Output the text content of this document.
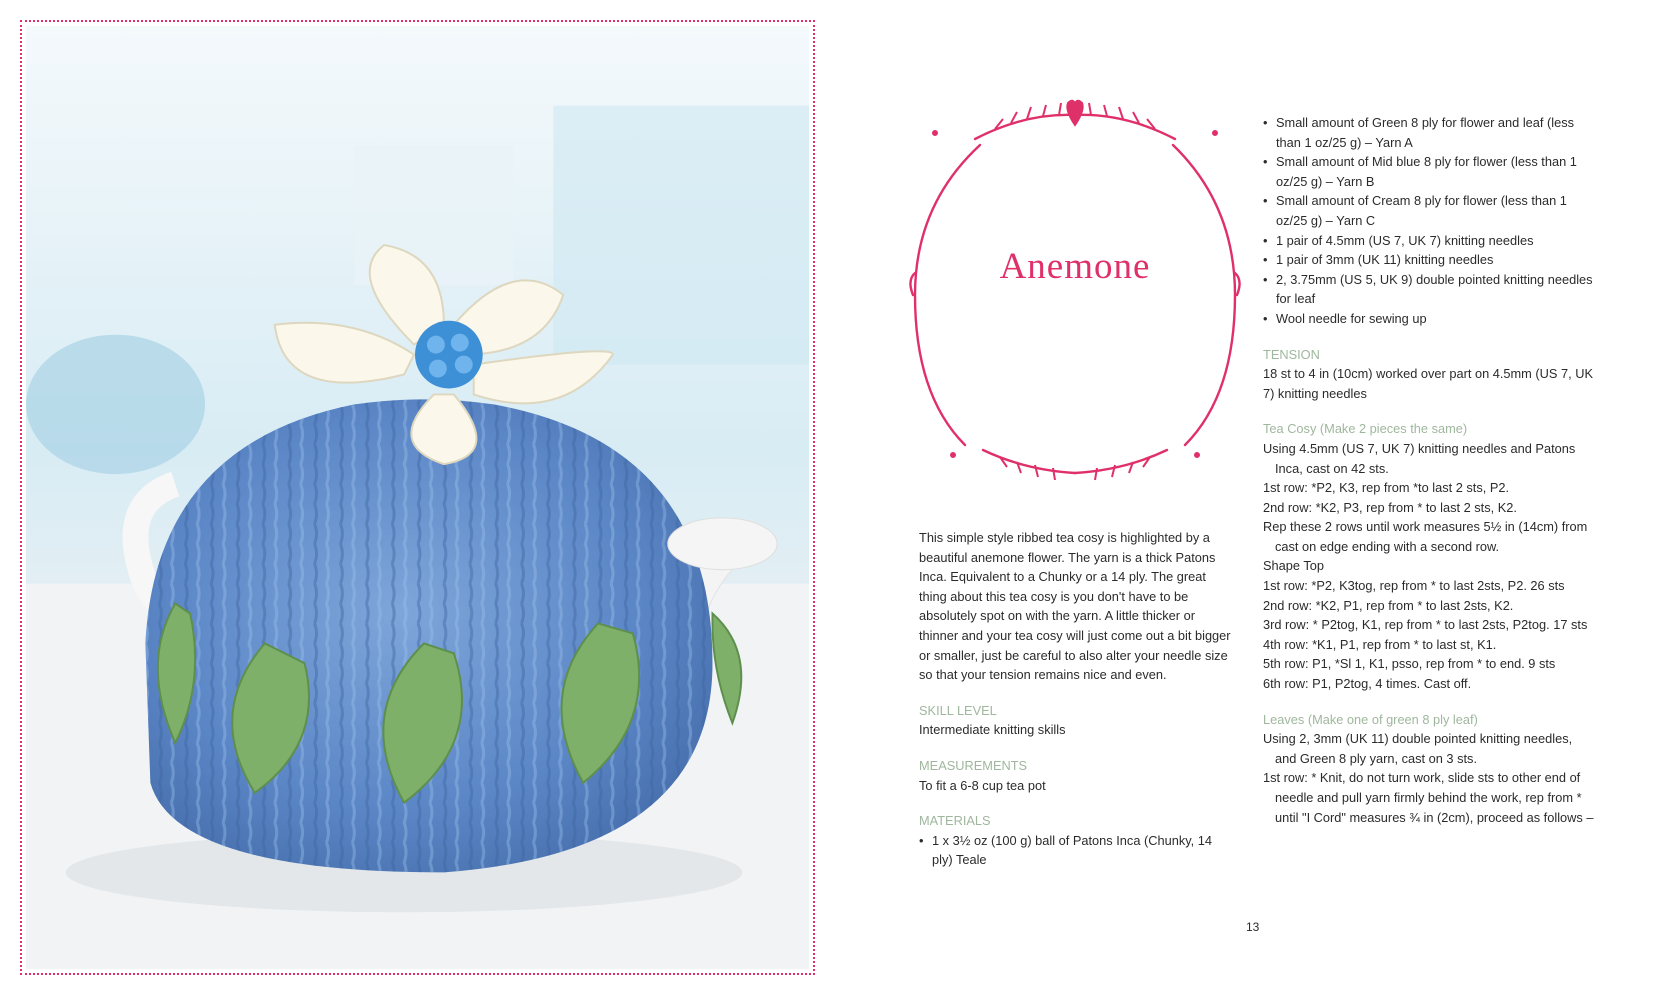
Anemone

This simple style ribbed tea cosy is highlighted by a beautiful anemone flower. The yarn is a thick Patons Inca. Equivalent to a Chunky or a 14 ply. The great thing about this tea cosy is you don't have to be absolutely spot on with the yarn. A little thicker or thinner and your tea cosy will just come out a bit bigger or smaller, just be careful to also alter your needle size so that your tension remains nice and even.

SKILL LEVEL

Intermediate knitting skills

MEASUREMENTS

To fit a 6-8 cup tea pot

MATERIALS

• 1 x 3½ oz (100 g) ball of Patons Inca (Chunky, 14 ply) Teale
• Small amount of Green 8 ply for flower and leaf (less than 1 oz/25 g) – Yarn A
• Small amount of Mid blue 8 ply for flower (less than 1 oz/25 g) – Yarn B
• Small amount of Cream 8 ply for flower (less than 1 oz/25 g) – Yarn C
• 1 pair of 4.5mm (US 7, UK 7) knitting needles
• 1 pair of 3mm (UK 11) knitting needles
• 2, 3.75mm (US 5, UK 9) double pointed knitting needles for leaf
• Wool needle for sewing up

TENSION

18 st to 4 in (10cm) worked over part on 4.5mm (US 7, UK 7) knitting needles

Tea Cosy (Make 2 pieces the same)

Using 4.5mm (US 7, UK 7) knitting needles and Patons Inca, cast on 42 sts.

1st row: *P2, K3, rep from *to last 2 sts, P2.

2nd row: *K2, P3, rep from * to last 2 sts, K2.

Rep these 2 rows until work measures 5½ in (14cm) from cast on edge ending with a second row.

Shape Top

1st row: *P2, K3tog, rep from * to last 2sts, P2. 26 sts

2nd row: *K2, P1, rep from * to last 2sts, K2.

3rd row: * P2tog, K1, rep from * to last 2sts, P2tog. 17 sts

4th row: *K1, P1, rep from * to last st, K1.

5th row: P1, *Sl 1, K1, psso, rep from * to end. 9 sts

6th row: P1, P2tog, 4 times. Cast off.

Leaves (Make one of green 8 ply leaf)

Using 2, 3mm (UK 11) double pointed knitting needles, and Green 8 ply yarn, cast on 3 sts.

1st row: * Knit, do not turn work, slide sts to other end of needle and pull yarn firmly behind the work, rep from * until "I Cord" measures ¾ in (2cm), proceed as follows –

13
